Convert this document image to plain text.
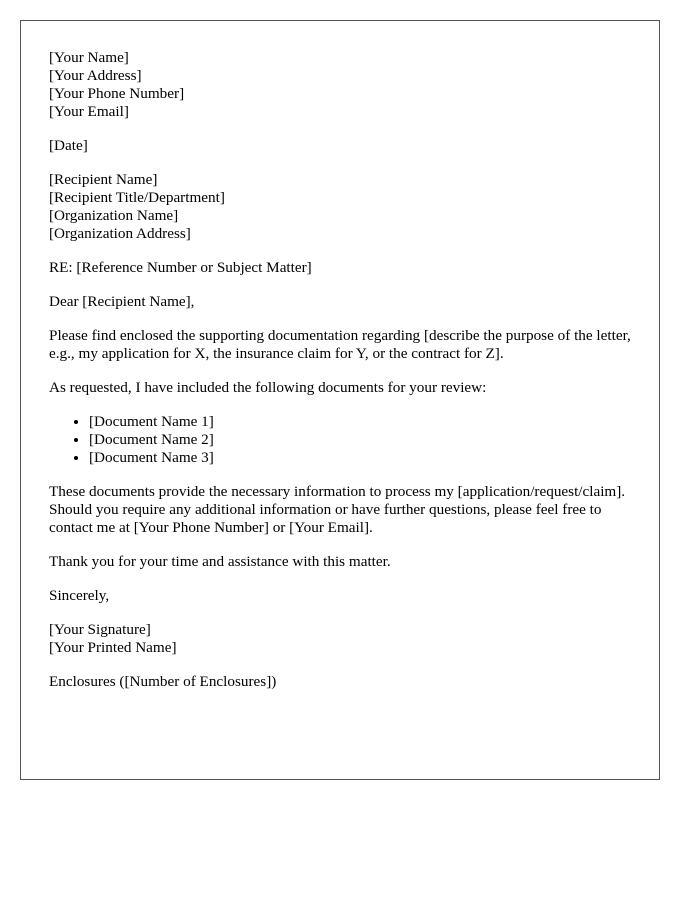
[Your Name]
[Your Address]
[Your Phone Number]
[Your Email]
[Date]
[Recipient Name]
[Recipient Title/Department]
[Organization Name]
[Organization Address]
RE: [Reference Number or Subject Matter]
Dear [Recipient Name],
Please find enclosed the supporting documentation regarding [describe the purpose of the letter, e.g., my application for X, the insurance claim for Y, or the contract for Z].
As requested, I have included the following documents for your review:
• [Document Name 1]
• [Document Name 2]
• [Document Name 3]
These documents provide the necessary information to process my [application/request/claim]. Should you require any additional information or have further questions, please feel free to contact me at [Your Phone Number] or [Your Email].
Thank you for your time and assistance with this matter.
Sincerely,
[Your Signature]
[Your Printed Name]
Enclosures ([Number of Enclosures])
